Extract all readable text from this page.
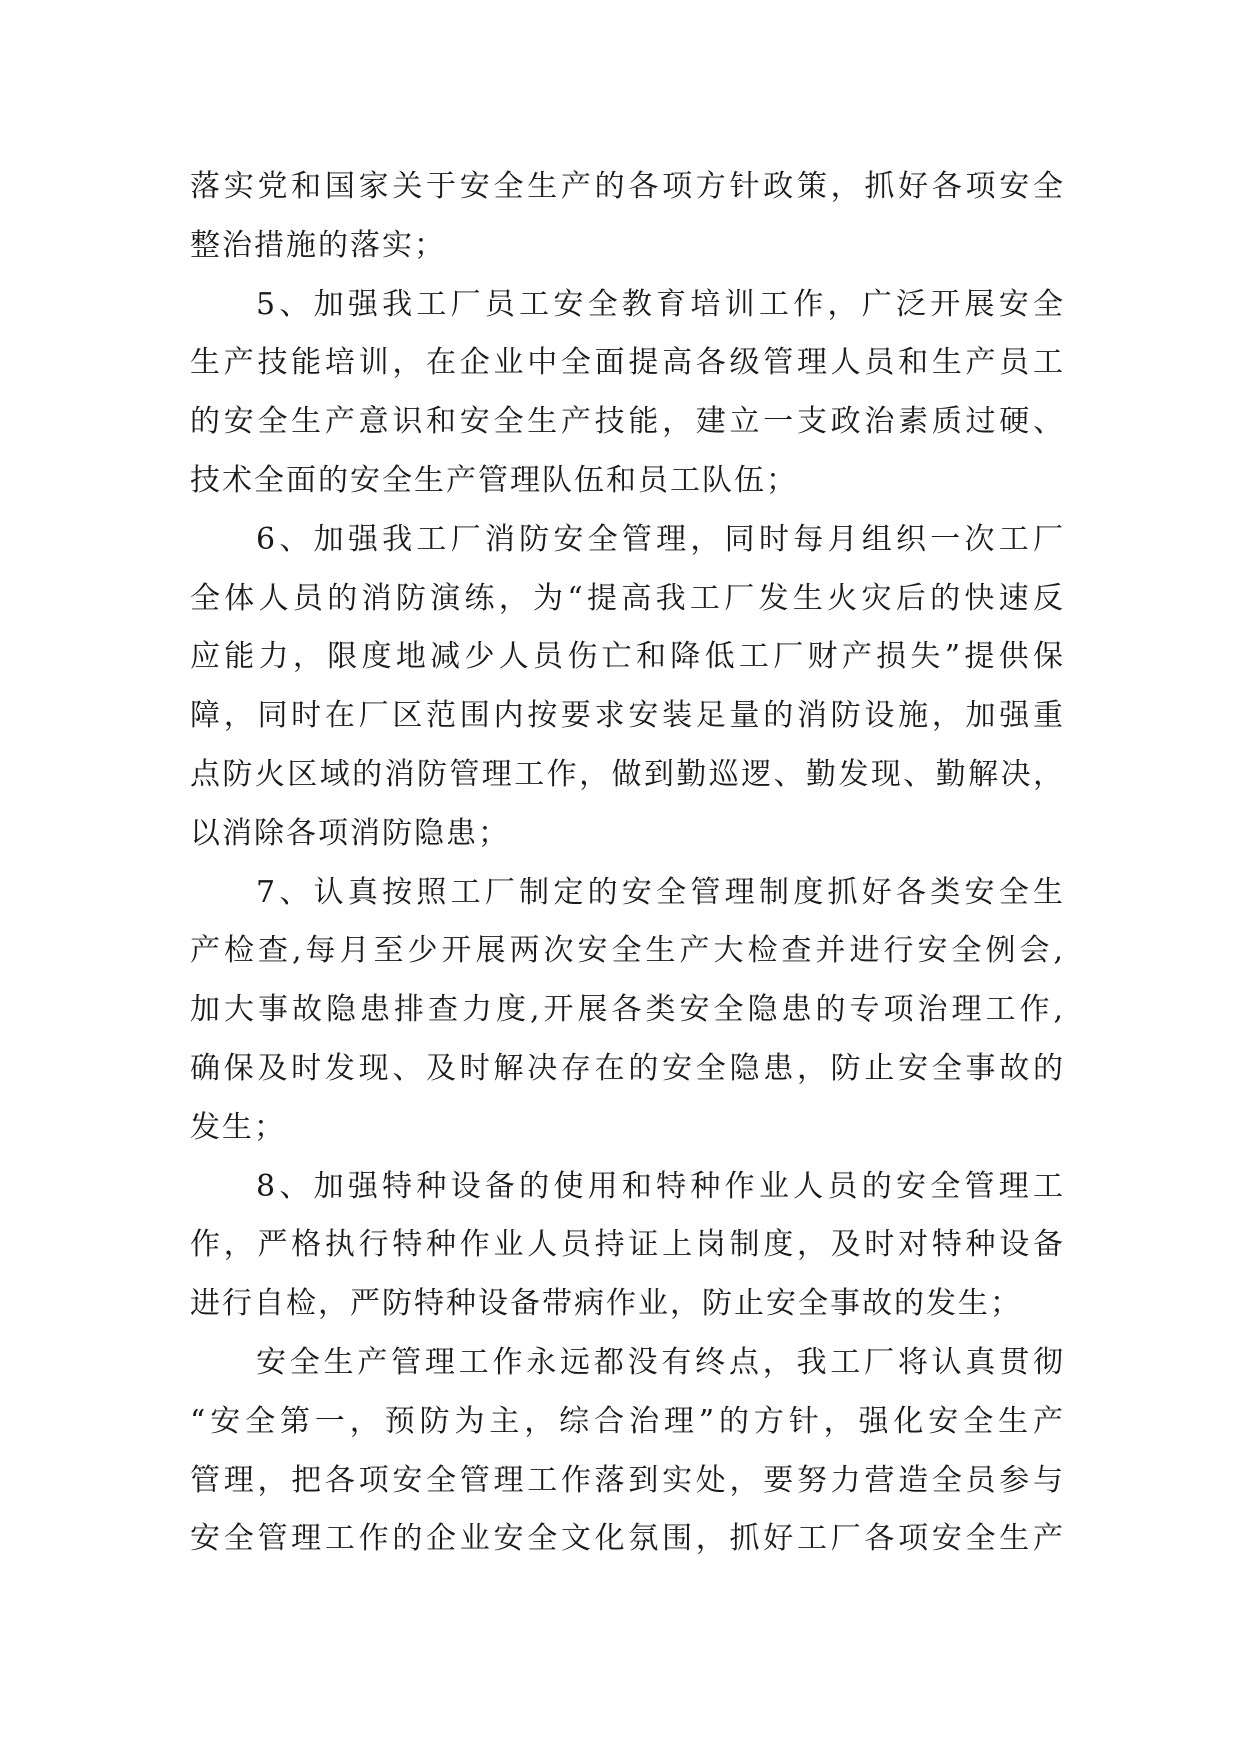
落实党和国家关于安全生产的各项方针政策，抓好各项安全
整治措施的落实；
5、加强我工厂员工安全教育培训工作，广泛开展安全
生产技能培训，在企业中全面提高各级管理人员和生产员工
的安全生产意识和安全生产技能，建立一支政治素质过硬、
技术全面的安全生产管理队伍和员工队伍；
6、加强我工厂消防安全管理，同时每月组织一次工厂
全体人员的消防演练，为“提高我工厂发生火灾后的快速反
应能力，限度地减少人员伤亡和降低工厂财产损失”提供保
障，同时在厂区范围内按要求安装足量的消防设施，加强重
点防火区域的消防管理工作，做到勤巡逻、勤发现、勤解决，
以消除各项消防隐患；
7、认真按照工厂制定的安全管理制度抓好各类安全生
产检查,每月至少开展两次安全生产大检查并进行安全例会,
加大事故隐患排查力度,开展各类安全隐患的专项治理工作,
确保及时发现、及时解决存在的安全隐患，防止安全事故的
发生；
8、加强特种设备的使用和特种作业人员的安全管理工
作，严格执行特种作业人员持证上岗制度，及时对特种设备
进行自检，严防特种设备带病作业，防止安全事故的发生；
安全生产管理工作永远都没有终点，我工厂将认真贯彻
“安全第一，预防为主，综合治理”的方针，强化安全生产
管理，把各项安全管理工作落到实处，要努力营造全员参与
安全管理工作的企业安全文化氛围，抓好工厂各项安全生产
